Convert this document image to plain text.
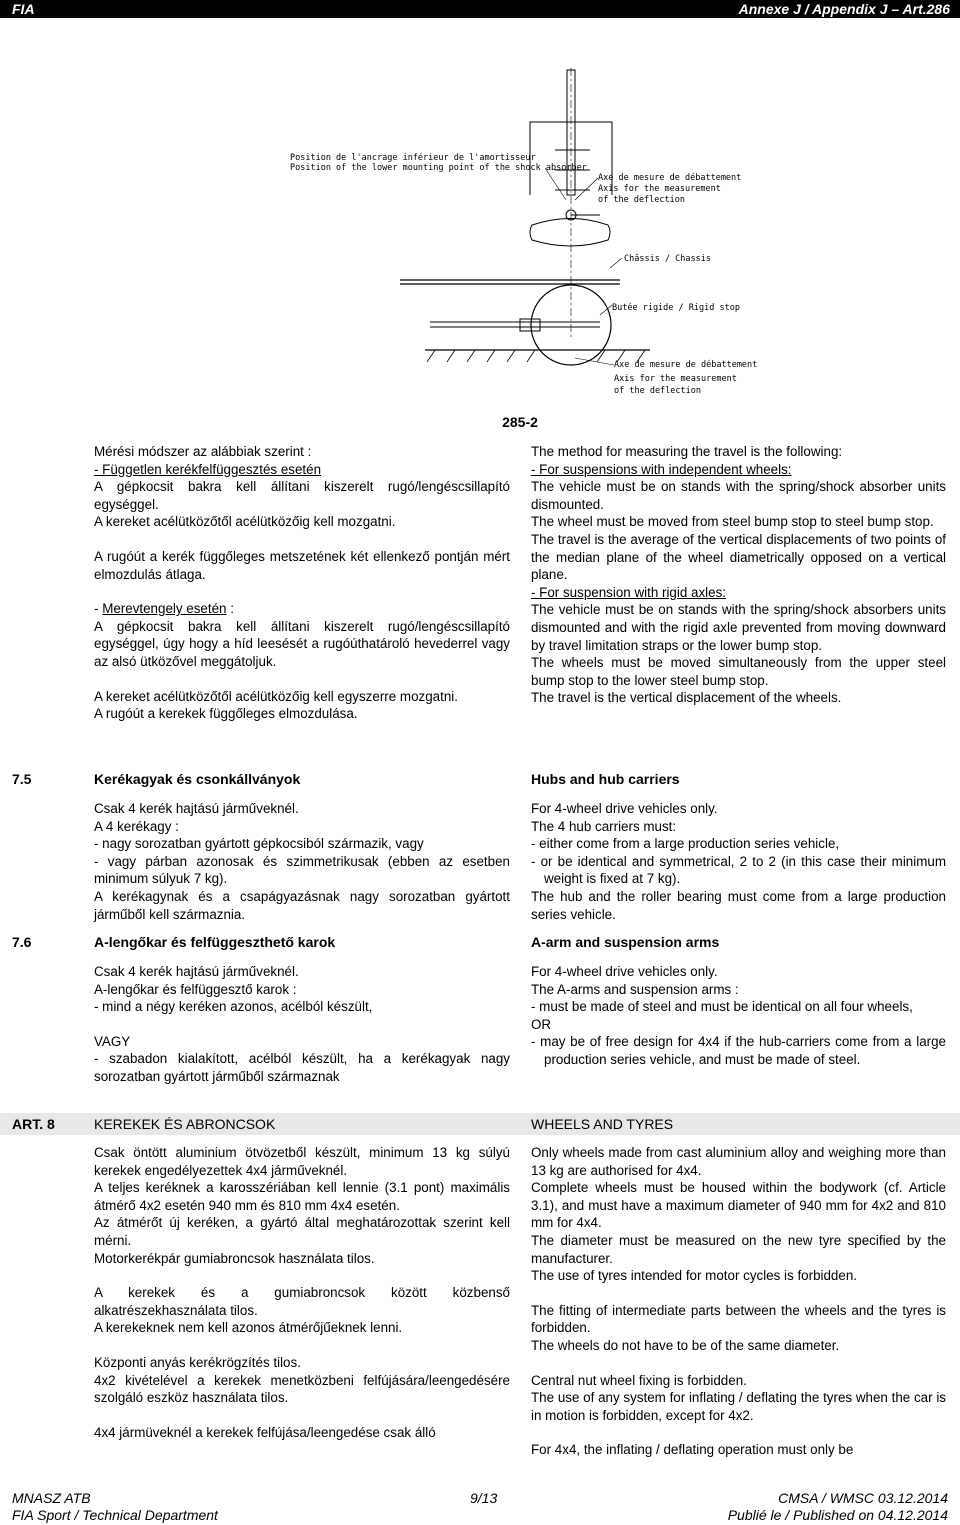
FIA	Annexe J / Appendix J – Art.286
Position de l'ancrage inférieur de l'amortisseur
Position of the lower mounting point of the shock absorber
Axe de mesure de débattement
Axis for the measurement
of the deflection
Châssis / Chassis
Butée rigide / Rigid stop
Axe de mesure de débattement
Axis for the measurement
of the deflection
285-2

Mérési módszer az alábbiak szerint :

- Független kerékfelfüggesztés esetén

A gépkocsit bakra kell állítani kiszerelt rugó/lengéscsillapító egységgel.

A kereket acélütközőtől acélütközőig kell mozgatni.

A rugóút a kerék függőleges metszetének két ellenkező pontján mért elmozdulás átlaga.

- Merevtengely esetén :

A gépkocsit bakra kell állítani kiszerelt rugó/lengéscsillapító egységgel, úgy hogy a híd leesését a rugóúthatároló hevederrel vagy az alsó ütközővel meggátoljuk.

A kereket acélütközőtől acélütközőig kell egyszerre mozgatni.

A rugóút a kerekek függőleges elmozdulása.

The method for measuring the travel is the following:

- For suspensions with independent wheels:

The vehicle must be on stands with the spring/shock absorber units dismounted.

The wheel must be moved from steel bump stop to steel bump stop.

The travel is the average of the vertical displacements of two points of the median plane of the wheel diametrically opposed on a vertical plane.

- For suspension with rigid axles:

The vehicle must be on stands with the spring/shock absorbers units dismounted and with the rigid axle prevented from moving downward by travel limitation straps or the lower bump stop.

The wheels must be moved simultaneously from the upper steel bump stop to the lower steel bump stop.

The travel is the vertical displacement of the wheels.

7.5	Kerékagyak és csonkállványok	Hubs and hub carriers

Csak 4 kerék hajtású járműveknél.

A 4 kerékagy :

- nagy sorozatban gyártott gépkocsiból származik, vagy

- vagy párban azonosak és szimmetrikusak (ebben az esetben minimum súlyuk 7 kg).

A kerékagynak és a csapágyazásnak nagy sorozatban gyártott járműből kell származnia.

For 4-wheel drive vehicles only.

The 4 hub carriers must:

- either come from a large production series vehicle,

- or be identical and symmetrical, 2 to 2 (in this case their minimum weight is fixed at 7 kg).

The hub and the roller bearing must come from a large production series vehicle.

7.6	A-lengőkar és felfüggeszthető karok	A-arm and suspension arms

Csak 4 kerék hajtású járműveknél.

A-lengőkar és felfüggesztő karok :

- mind a négy keréken azonos, acélból készült,

VAGY

- szabadon kialakított, acélból készült, ha a kerékagyak nagy sorozatban gyártott járműből származnak

For 4-wheel drive vehicles only.

The A-arms and suspension arms :

- must be made of steel and must be identical on all four wheels,

OR

- may be of free design for 4x4 if the hub-carriers come from a large production series vehicle, and must be made of steel.

ART. 8	KEREKEK ÉS ABRONCSOK	WHEELS AND TYRES

Csak öntött aluminium ötvözetből készült, minimum 13 kg súlyú kerekek engedélyezettek 4x4 járműveknél.

A teljes keréknek a karosszériában kell lennie (3.1 pont) maximális átmérő 4x2 esetén 940 mm és 810 mm 4x4 esetén.

Az átmérőt új keréken, a gyártó által meghatározottak szerint kell mérni.

Motorkerékpár gumiabroncsok használata tilos.

A kerekek és a gumiabroncsok között közbenső alkatrészekhasználata tilos.

A kerekeknek nem kell azonos átmérőjűeknek lenni.

Központi anyás kerékrögzítés tilos.

4x2 kivételével a kerekek menetközbeni felfújására/leengedésére szolgáló eszköz használata tilos.

4x4 jármüveknél a kerekek felfújása/leengedése csak álló

Only wheels made from cast aluminium alloy and weighing more than 13 kg are authorised for 4x4.

Complete wheels must be housed within the bodywork (cf. Article 3.1), and must have a maximum diameter of 940 mm for 4x2 and 810 mm for 4x4.

The diameter must be measured on the new tyre specified by the manufacturer.

The use of tyres intended for motor cycles is forbidden.

The fitting of intermediate parts between the wheels and the tyres is forbidden.

The wheels do not have to be of the same diameter.

Central nut wheel fixing is forbidden.

The use of any system for inflating / deflating the tyres when the car is in motion is forbidden, except for 4x2.

For 4x4, the inflating / deflating operation must only be

MNASZ ATB	9/13	CMSA / WMSC 03.12.2014
FIA Sport / Technical Department	Publié le / Published on 04.12.2014
